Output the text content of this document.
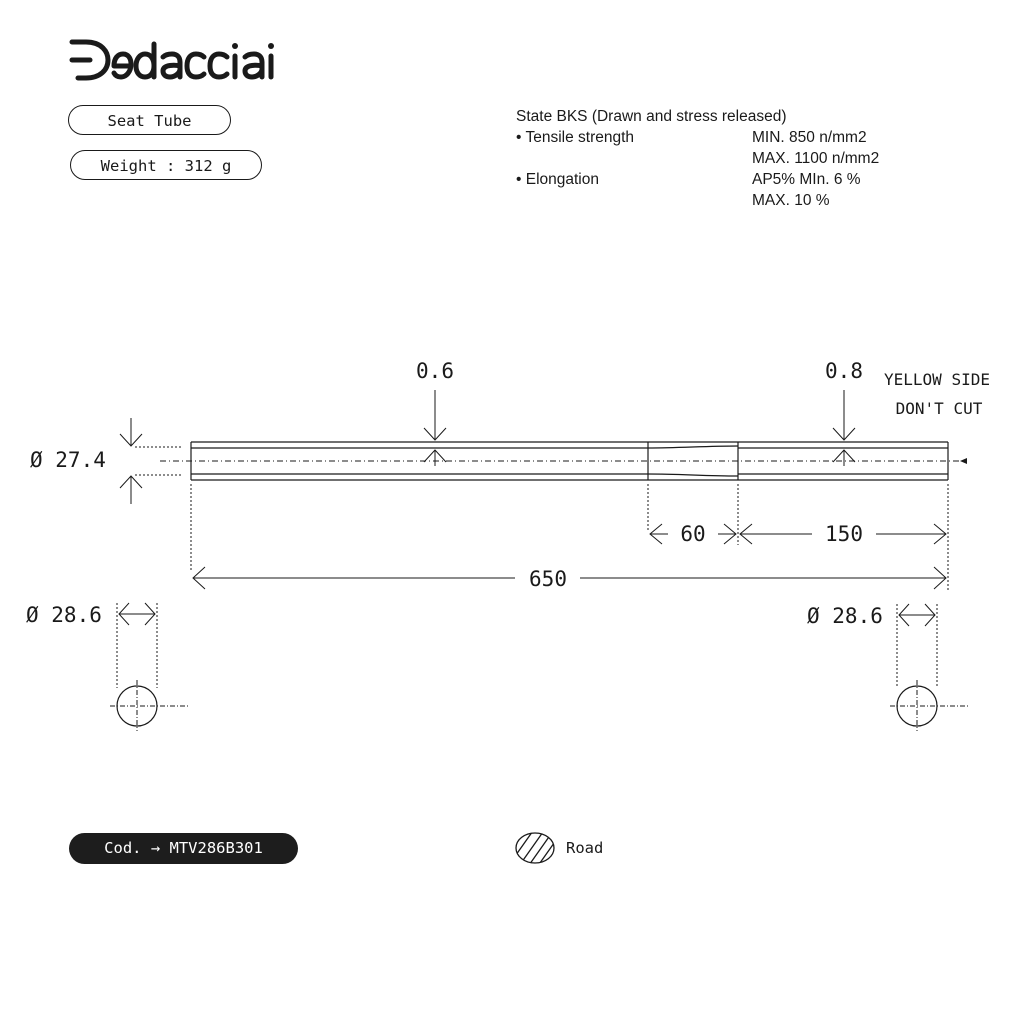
Seat Tube
Weight : 312 g
State BKS (Drawn and stress released)
• Tensile strength	MIN. 850 n/mm2
MAX. 1100 n/mm2
• Elongation	AP5% MIn. 6 %
MAX. 10 %
0.6	0.8 YELLOW SIDE
DON'T CUT
Ø 27.4
60	150
650
Ø 28.6	Ø 28.6
Cod. → MTV286B301	Road
